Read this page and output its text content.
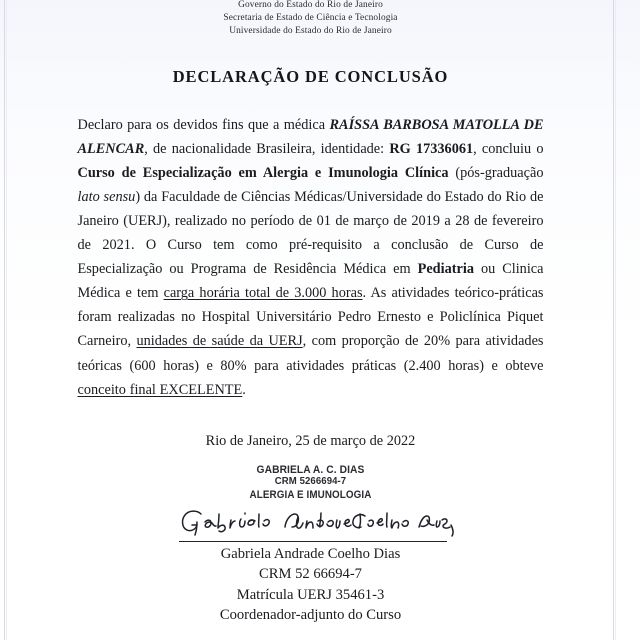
Governo do Estado do Rio de Janeiro
Secretaria de Estado de Ciência e Tecnologia
Universidade do Estado do Rio de Janeiro
DECLARAÇÃO DE CONCLUSÃO
Declaro para os devidos fins que a médica RAÍSSA BARBOSA MATOLLA DE ALENCAR, de nacionalidade Brasileira, identidade: RG 17336061, concluiu o Curso de Especialização em Alergia e Imunologia Clínica (pós-graduação lato sensu) da Faculdade de Ciências Médicas/Universidade do Estado do Rio de Janeiro (UERJ), realizado no período de 01 de março de 2019 a 28 de fevereiro de 2021. O Curso tem como pré-requisito a conclusão de Curso de Especialização ou Programa de Residência Médica em Pediatria ou Clinica Médica e tem carga horária total de 3.000 horas. As atividades teórico-práticas foram realizadas no Hospital Universitário Pedro Ernesto e Policlínica Piquet Carneiro, unidades de saúde da UERJ, com proporção de 20% para atividades teóricas (600 horas) e 80% para atividades práticas (2.400 horas) e obteve conceito final EXCELENTE.
Rio de Janeiro, 25 de março de 2022
GABRIELA A. C. DIAS
CRM 5266694-7
ALERGIA E IMUNOLOGIA
Gabriela Andrade Coelho Dias
CRM 52 66694-7
Matrícula UERJ 35461-3
Coordenador-adjunto do Curso
